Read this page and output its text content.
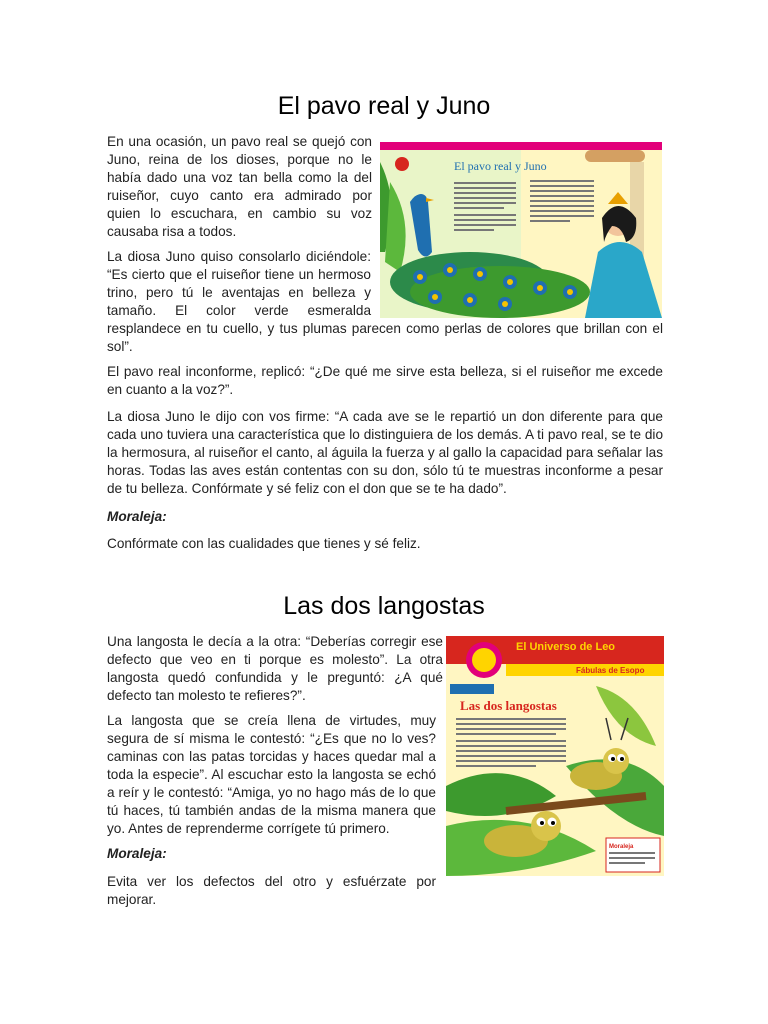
El pavo real y Juno
El pavo real y Juno

En una ocasión, un pavo real se quejó con Juno, reina de los dioses, porque no le había dado una voz tan bella como la del ruiseñor, cuyo canto era admirado por quien lo escuchara, en cambio su voz causaba risa a todos.

La diosa Juno quiso consolarlo diciéndole: “Es cierto que el ruiseñor tiene un hermoso trino, pero tú le aventajas en belleza y tamaño. El color verde esmeralda resplandece en tu cuello, y tus plumas parecen como perlas de colores que brillan con el sol”.

El pavo real inconforme, replicó: “¿De qué me sirve esta belleza, si el ruiseñor me excede en cuanto a la voz?”.

La diosa Juno le dijo con vos firme: “A cada ave se le repartió un don diferente para que cada uno tuviera una característica que lo distinguiera de los demás. A ti pavo real, se te dio la hermosura, al ruiseñor el canto, al águila la fuerza y al gallo la capacidad para señalar las horas. Todas las aves están contentas con su don, sólo tú te muestras inconforme a pesar de tu belleza. Confórmate y sé feliz con el don que se te ha dado”.

Moraleja:

Confórmate con las cualidades que tienes y sé feliz.

Las dos langostas
El Universo de Leo
Fábulas de Esopo
Las dos langostas
Moraleja

Una langosta le decía a la otra: “Deberías corregir ese defecto que veo en ti porque es molesto”. La otra langosta quedó confundida y le preguntó: ¿A qué defecto tan molesto te refieres?”.

La langosta que se creía llena de virtudes, muy segura de sí misma le contestó: “¿Es que no lo ves? caminas con las patas torcidas y haces quedar mal a toda la especie”. Al escuchar esto la langosta se echó a reír y le contestó: “Amiga, yo no hago más de lo que tú haces, tú también andas de la misma manera que yo. Antes de reprenderme corrígete tú primero.

Moraleja:

Evita ver los defectos del otro y esfuérzate por mejorar.
